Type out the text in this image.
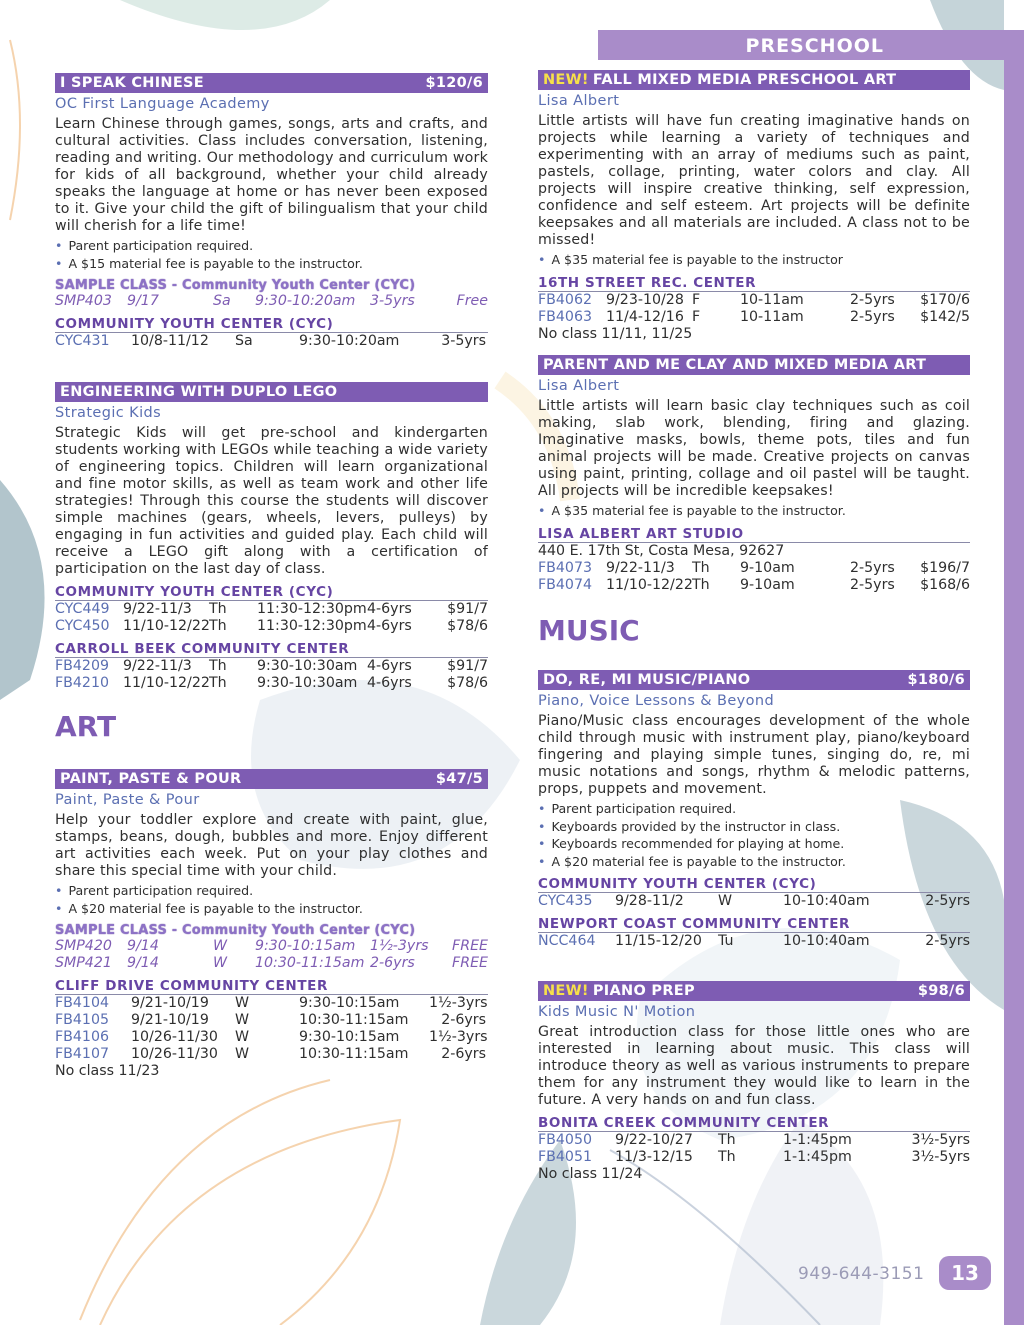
PRESCHOOL
I SPEAK CHINESE	$120/6
OC First Language Academy
Learn Chinese through games, songs, arts and crafts, and cultural activities. Class includes conversation, listening, reading and writing. Our methodology and curriculum work for kids of all background, whether your child already speaks the language at home or has never been exposed to it. Give your child the gift of bilingualism that your child will cherish for a life time!
• Parent participation required.
• A $15 material fee is payable to the instructor.
SAMPLE CLASS - Community Youth Center (CYC)
SMP403	9/17	Sa	9:30-10:20am	3-5yrs	Free
COMMUNITY YOUTH CENTER (CYC)
CYC431	10/8-11/12	Sa	9:30-10:20am	3-5yrs
ENGINEERING WITH DUPLO LEGO
Strategic Kids
Strategic Kids will get pre-school and kindergarten students working with LEGOs while teaching a wide variety of engineering topics. Children will learn organizational and fine motor skills, as well as team work and other life strategies! Through this course the students will discover simple machines (gears, wheels, levers, pulleys) by engaging in fun activities and guided play. Each child will receive a LEGO gift along with a certification of participation on the last day of class.
COMMUNITY YOUTH CENTER (CYC)
CYC449 9/22-11/3	Th	11:30-12:30pm 4-6yrs	$91/7
CYC450 11/10-12/22 Th	11:30-12:30pm 4-6yrs	$78/6
CARROLL BEEK COMMUNITY CENTER
FB4209 9/22-11/3	Th	9:30-10:30am 4-6yrs	$91/7
FB4210 11/10-12/22 Th	9:30-10:30am 4-6yrs	$78/6
ART
PAINT, PASTE & POUR	$47/5
Paint, Paste & Pour
Help your toddler explore and create with paint, glue, stamps, beans, dough, bubbles and more. Enjoy different art activities each week. Put on your play clothes and share this special time with your child.
• Parent participation required.
• A $20 material fee is payable to the instructor.
SAMPLE CLASS - Community Youth Center (CYC)
SMP420	9/14	W	9:30-10:15am	1½-3yrs	FREE
SMP421	9/14	W	10:30-11:15am 2-6yrs	FREE
CLIFF DRIVE COMMUNITY CENTER
FB4104	9/21-10/19	W	9:30-10:15am	1½-3yrs
FB4105	9/21-10/19	W	10:30-11:15am	2-6yrs
FB4106	10/26-11/30	W	9:30-10:15am	1½-3yrs
FB4107	10/26-11/30	W	10:30-11:15am	2-6yrs
No class 11/23
NEW! FALL MIXED MEDIA PRESCHOOL ART
Lisa Albert
Little artists will have fun creating imaginative hands on projects while learning a variety of techniques and experimenting with an array of mediums such as paint, pastels, collage, printing, water colors and clay. All projects will inspire creative thinking, self expression, confidence and self esteem. Art projects will be definite keepsakes and all materials are included. A class not to be missed!
• A $35 material fee is payable to the instructor
16TH STREET REC. CENTER
FB4062 9/23-10/28 F	10-11am	2-5yrs	$170/6
FB4063 11/4-12/16 F	10-11am	2-5yrs	$142/5
No class 11/11, 11/25
PARENT AND ME CLAY AND MIXED MEDIA ART
Lisa Albert
Little artists will learn basic clay techniques such as coil making, slab work, blending, firing and glazing. Imaginative masks, bowls, theme pots, tiles and fun animal projects will be made. Creative projects on canvas using paint, printing, collage and oil pastel will be taught. All projects will be incredible keepsakes!
• A $35 material fee is payable to the instructor.
LISA ALBERT ART STUDIO
440 E. 17th St, Costa Mesa, 92627
FB4073 9/22-11/3	Th	9-10am	2-5yrs	$196/7
FB4074 11/10-12/22 Th	9-10am	2-5yrs	$168/6
MUSIC
DO, RE, MI MUSIC/PIANO	$180/6
Piano, Voice Lessons & Beyond
Piano/Music class encourages development of the whole child through music with instrument play, piano/keyboard fingering and playing simple tunes, singing do, re, mi music notations and songs, rhythm & melodic patterns, props, puppets and movement.
• Parent participation required.
• Keyboards provided by the instructor in class.
• Keyboards recommended for playing at home.
• A $20 material fee is payable to the instructor.
COMMUNITY YOUTH CENTER (CYC)
CYC435	9/28-11/2	W	10-10:40am	2-5yrs
NEWPORT COAST COMMUNITY CENTER
NCC464	11/15-12/20	Tu	10-10:40am	2-5yrs
NEW! PIANO PREP	$98/6
Kids Music N' Motion
Great introduction class for those little ones who are interested in learning about music. This class will introduce theory as well as various instruments to prepare them for any instrument they would like to learn in the future. A very hands on and fun class.
BONITA CREEK COMMUNITY CENTER
FB4050	9/22-10/27	Th	1-1:45pm	3½-5yrs
FB4051	11/3-12/15	Th	1-1:45pm	3½-5yrs
No class 11/24
949-644-3151	13
